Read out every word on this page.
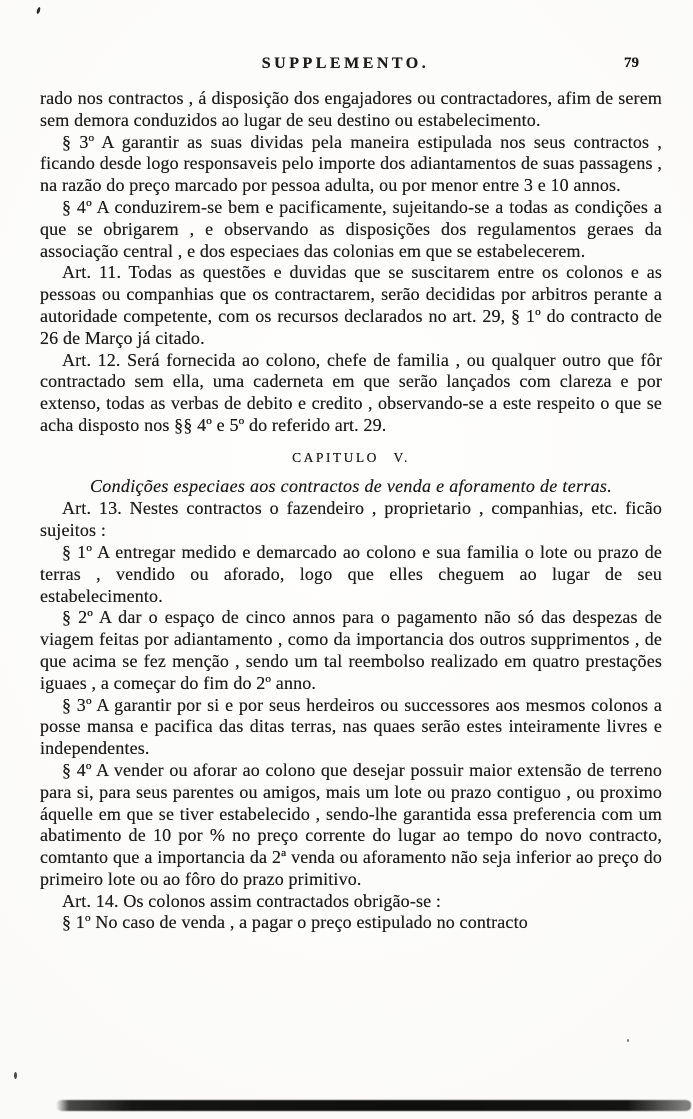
SUPPLEMENTO.	79

rado nos contractos , á disposição dos engajadores ou contractadores, afim de serem sem demora conduzidos ao lugar de seu destino ou estabelecimento.

§ 3º A garantir as suas dividas pela maneira estipulada nos seus contractos , ficando desde logo responsaveis pelo importe dos adiantamentos de suas passagens , na razão do preço marcado por pessoa adulta, ou por menor entre 3 e 10 annos.

§ 4º A conduzirem-se bem e pacificamente, sujeitando-se a todas as condições a que se obrigarem , e observando as disposições dos regulamentos geraes da associação central , e dos especiaes das colonias em que se estabelecerem.

Art. 11. Todas as questões e duvidas que se suscitarem entre os colonos e as pessoas ou companhias que os contractarem, serão decididas por arbitros perante a autoridade competente, com os recursos declarados no art. 29, § 1º do contracto de 26 de Março já citado.

Art. 12. Será fornecida ao colono, chefe de familia , ou qualquer outro que fôr contractado sem ella, uma caderneta em que serão lançados com clareza e por extenso, todas as verbas de debito e credito , observando-se a este respeito o que se acha disposto nos §§ 4º e 5º do referido art. 29.

CAPITULO V.

Condições especiaes aos contractos de venda e aforamento de terras.

Art. 13. Nestes contractos o fazendeiro , proprietario , companhias, etc. ficão sujeitos :

§ 1º A entregar medido e demarcado ao colono e sua familia o lote ou prazo de terras , vendido ou aforado, logo que elles cheguem ao lugar de seu estabelecimento.

§ 2º A dar o espaço de cinco annos para o pagamento não só das despezas de viagem feitas por adiantamento , como da importancia dos outros supprimentos , de que acima se fez menção , sendo um tal reembolso realizado em quatro prestações iguaes , a começar do fim do 2º anno.

§ 3º A garantir por si e por seus herdeiros ou successores aos mesmos colonos a posse mansa e pacifica das ditas terras, nas quaes serão estes inteiramente livres e independentes.

§ 4º A vender ou aforar ao colono que desejar possuir maior extensão de terreno para si, para seus parentes ou amigos, mais um lote ou prazo contiguo , ou proximo áquelle em que se tiver estabelecido , sendo-lhe garantida essa preferencia com um abatimento de 10 por % no preço corrente do lugar ao tempo do novo contracto, comtanto que a importancia da 2ª venda ou aforamento não seja inferior ao preço do primeiro lote ou ao fôro do prazo primitivo.

Art. 14. Os colonos assim contractados obrigão-se :

§ 1º No caso de venda , a pagar o preço estipulado no contracto
